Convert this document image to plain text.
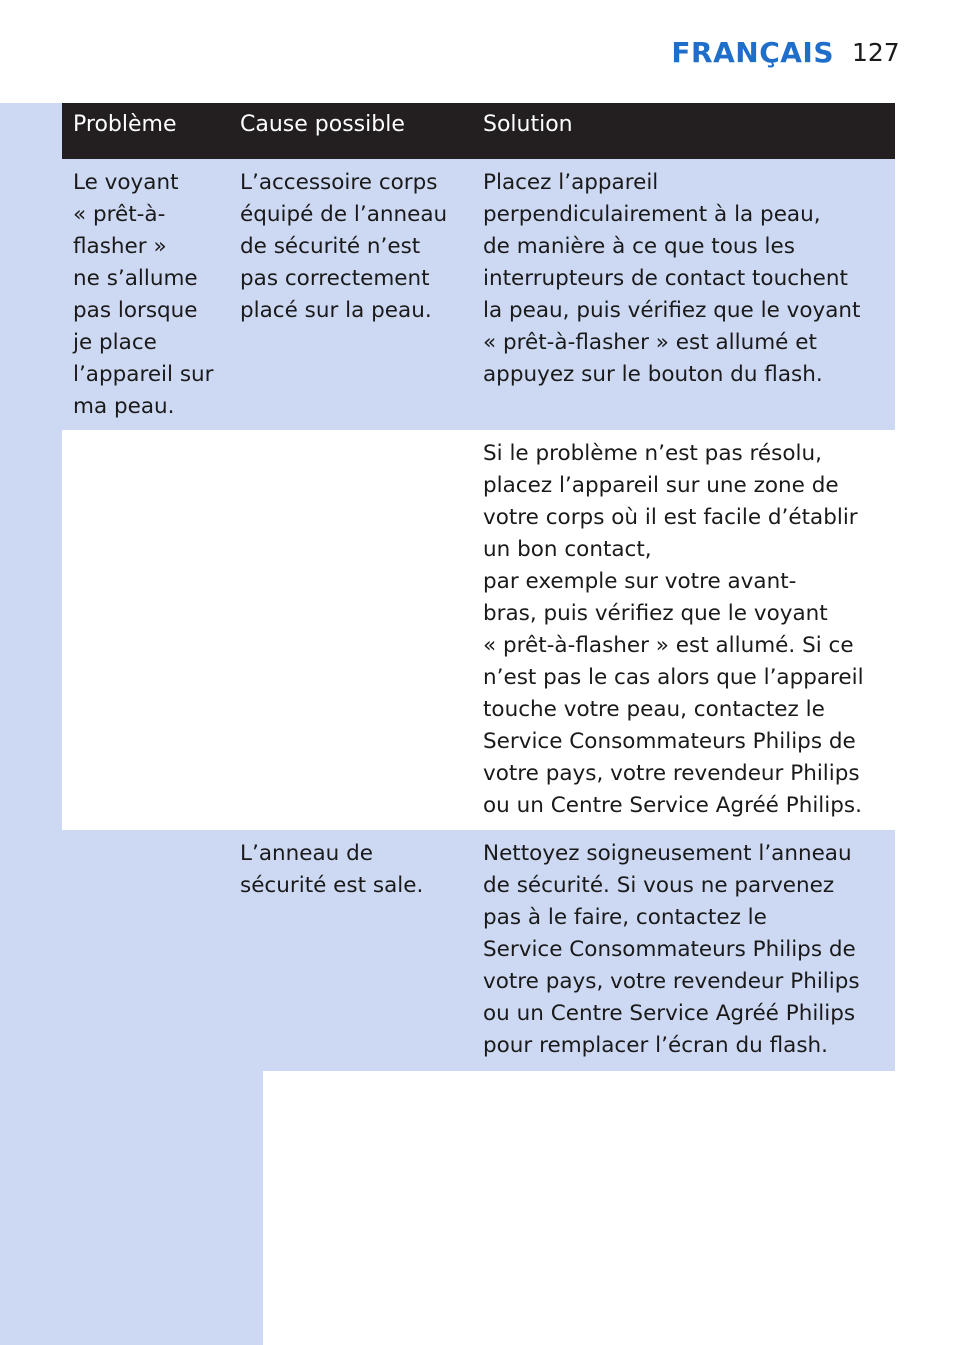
FRANÇAIS 127
Problème	Cause possible	Solution
Le voyant
« prêt-à-
flasher »
ne s’allume
pas lorsque
je place
l’appareil sur
ma peau.
L’accessoire corps
équipé de l’anneau
de sécurité n’est
pas correctement
placé sur la peau.
Placez l’appareil
perpendiculairement à la peau,
de manière à ce que tous les
interrupteurs de contact touchent
la peau, puis vérifiez que le voyant
« prêt-à-flasher » est allumé et
appuyez sur le bouton du flash.
Si le problème n’est pas résolu,
placez l’appareil sur une zone de
votre corps où il est facile d’établir
un bon contact,
par exemple sur votre avant-
bras, puis vérifiez que le voyant
« prêt-à-flasher » est allumé. Si ce
n’est pas le cas alors que l’appareil
touche votre peau, contactez le
Service Consommateurs Philips de
votre pays, votre revendeur Philips
ou un Centre Service Agréé Philips.
L’anneau de
sécurité est sale.
Nettoyez soigneusement l’anneau
de sécurité. Si vous ne parvenez
pas à le faire, contactez le
Service Consommateurs Philips de
votre pays, votre revendeur Philips
ou un Centre Service Agréé Philips
pour remplacer l’écran du flash.
